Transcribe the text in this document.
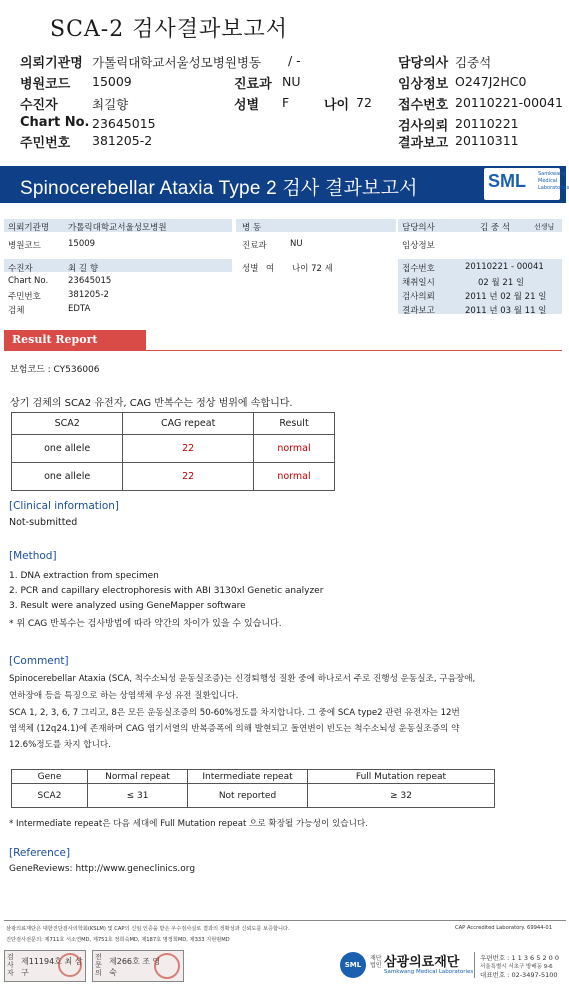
SCA-2 검사결과보고서
의뢰기관명 가톨릭대학교서울성모병원병동 / -	담당의사 김중석
병원코드 15009	진료과 NU	임상정보 O247J2HC0
수진자	최길향	성별 F	나이 72 접수번호 20110221-00041
Chart No. 23645015	검사의뢰 20110221
주민번호 381205-2	결과보고 20110311
Spinocerebellar Ataxia Type 2 검사 결과보고서	SML Samkwang Medical Laboratories
의뢰기관명 가톨릭대학교서울성모병원	병 동	담당의사	김 중 석	선생님
병원코드	15009	진료과	NU	임상정보
수진자	최 길 향	성별 여 나이 72 세	접수번호	20110221 - 00041
Chart No. 23645015	채취일시	02 월 21 일
주민번호	381205-2	검사의뢰	2011 년 02 월 21 일
검체	EDTA	결과보고	2011 년 03 월 11 일
Result Report
보험코드 : CY536006
상기 검체의 SCA2 유전자, CAG 반복수는 정상 범위에 속합니다.
SCA2	CAG repeat	Result
one allele	22	normal
one allele	22	normal
[Clinical information]
Not-submitted
[Method]
1. DNA extraction from specimen
2. PCR and capillary electrophoresis with ABI 3130xl Genetic analyzer
3. Result were analyzed using GeneMapper software
* 위 CAG 반복수는 검사방법에 따라 약간의 차이가 있을 수 있습니다.
[Comment]
Spinocerebellar Ataxia (SCA, 척수소뇌성 운동실조증)는 신경퇴행성 질환 중에 하나로서 주로 진행성 운동실조, 구음장애,
연하장애 등을 특징으로 하는 상염색체 우성 유전 질환입니다.
SCA 1, 2, 3, 6, 7 그리고, 8은 모든 운동실조증의 50-60%정도를 차지합니다. 그 중에 SCA type2 관련 유전자는 12번
염색체 (12q24.1)에 존재하며 CAG 염기서열의 반복증폭에 의해 발현되고 돌연변이 빈도는 척수소뇌성 운동실조증의 약
12.6%정도를 차지 합니다.
Gene	Normal repeat	Intermediate repeat	Full Mutation repeat
SCA2	≤ 31	Not reported	≥ 32
* Intermediate repeat은 다음 세대에 Full Mutation repeat 으로 확장될 가능성이 있습니다.
[Reference]
GeneReviews: http://www.geneclinics.org
삼광의료재단은 대한진단검사의학회(KSLM) 및 CAP의 신임 인증을 받은 우수검사실로 결과의 정확성과 신뢰도를 보증합니다.	CAP Accredited Laboratory. 69944-01
진단검사전문의: 제711호 서소연MD, 제751호 정희숙MD, 제187호 명정희MD, 제333 지현범MD
검사자
제11194호 최 삼 구
전문의
제266호 조 영 숙
SML
재단법인 삼광의료재단
Samkwang Medical Laboratories
우편번호 : 1 1 3 6 5 2 0 0
서울특별시 서초구 방배동 9-6
대표번호 : 02-3497-5100
